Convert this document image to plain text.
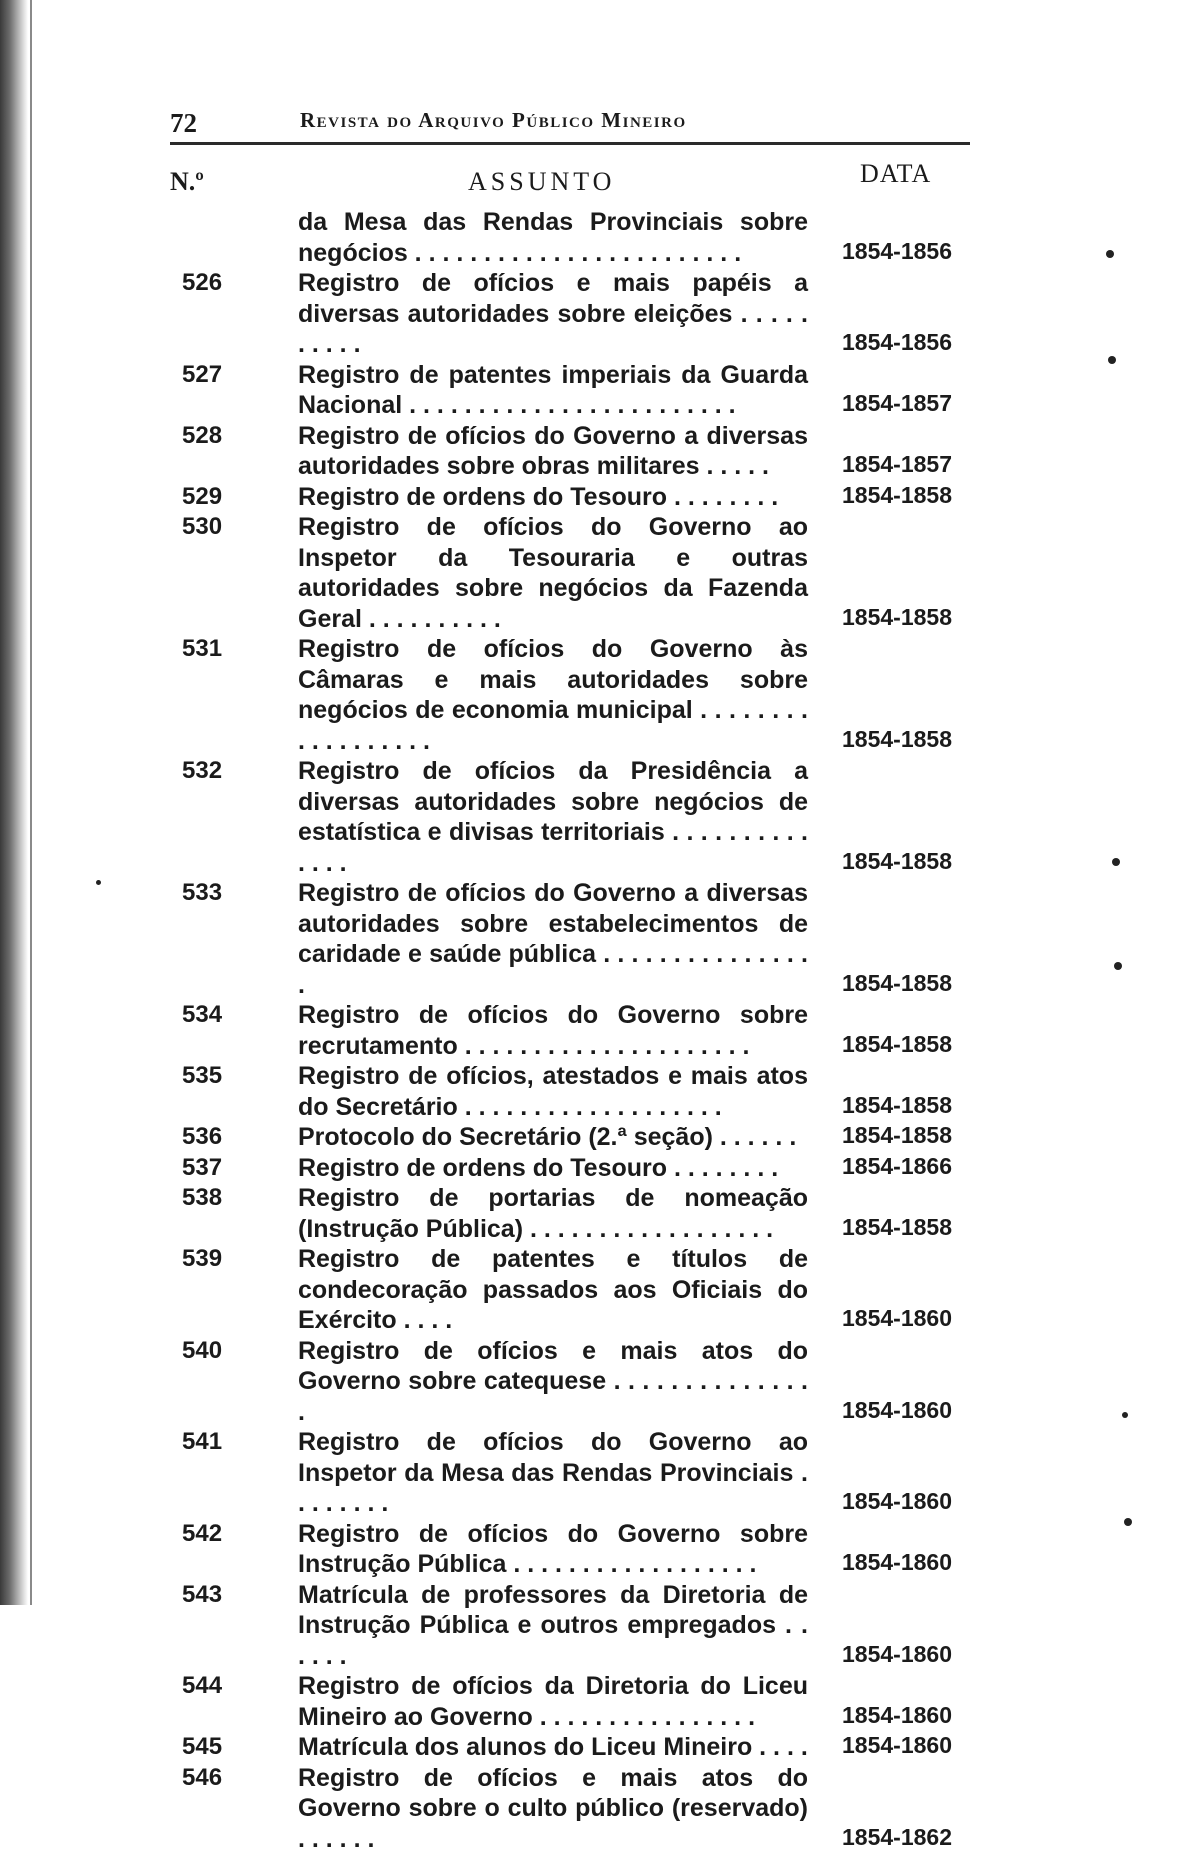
72	Revista do Arquivo Público Mineiro
N.º	ASSUNTO	DATA
da Mesa das Rendas Provinciais sobre negócios . . . . . . . . . . . . . . . . . . . . . . . .	1854-1856
526	Registro de ofícios e mais papéis a diversas autoridades sobre eleições . . . . . . . . . .	1854-1856
527	Registro de patentes imperiais da Guarda Nacional . . . . . . . . . . . . . . . . . . . . . . . .	1854-1857
528	Registro de ofícios do Governo a diversas autoridades sobre obras militares . . . . .	1854-1857
529	Registro de ordens do Tesouro . . . . . . . .	1854-1858
530	Registro de ofícios do Governo ao Inspetor da Tesouraria e outras autoridades sobre negócios da Fazenda Geral . . . . . . . . . .	1854-1858
531	Registro de ofícios do Governo às Câmaras e mais autoridades sobre negócios de economia municipal . . . . . . . . . . . . . . . . . .	1854-1858
532	Registro de ofícios da Presidência a diversas autoridades sobre negócios de estatística e divisas territoriais . . . . . . . . . . . . . .	1854-1858
533	Registro de ofícios do Governo a diversas autoridades sobre estabelecimentos de caridade e saúde pública . . . . . . . . . . . . . . . .	1854-1858
534	Registro de ofícios do Governo sobre recrutamento . . . . . . . . . . . . . . . . . . . . .	1854-1858
535	Registro de ofícios, atestados e mais atos do Secretário . . . . . . . . . . . . . . . . . . .	1854-1858
536	Protocolo do Secretário (2.ª seção) . . . . . .	1854-1858
537	Registro de ordens do Tesouro . . . . . . . .	1854-1866
538	Registro de portarias de nomeação (Instrução Pública) . . . . . . . . . . . . . . . . . .	1854-1858
539	Registro de patentes e títulos de condecoração passados aos Oficiais do Exército . . . .	1854-1860
540	Registro de ofícios e mais atos do Governo sobre catequese . . . . . . . . . . . . . . .	1854-1860
541	Registro de ofícios do Governo ao Inspetor da Mesa das Rendas Provinciais . . . . . . . .	1854-1860
542	Registro de ofícios do Governo sobre Instrução Pública . . . . . . . . . . . . . . . . . .	1854-1860
543	Matrícula de professores da Diretoria de Instrução Pública e outros empregados . . . . . .	1854-1860
544	Registro de ofícios da Diretoria do Liceu Mineiro ao Governo . . . . . . . . . . . . . . . .	1854-1860
545	Matrícula dos alunos do Liceu Mineiro . . . . 1854-1860
546	Registro de ofícios e mais atos do Governo sobre o culto público (reservado) . . . . . .	1854-1862
